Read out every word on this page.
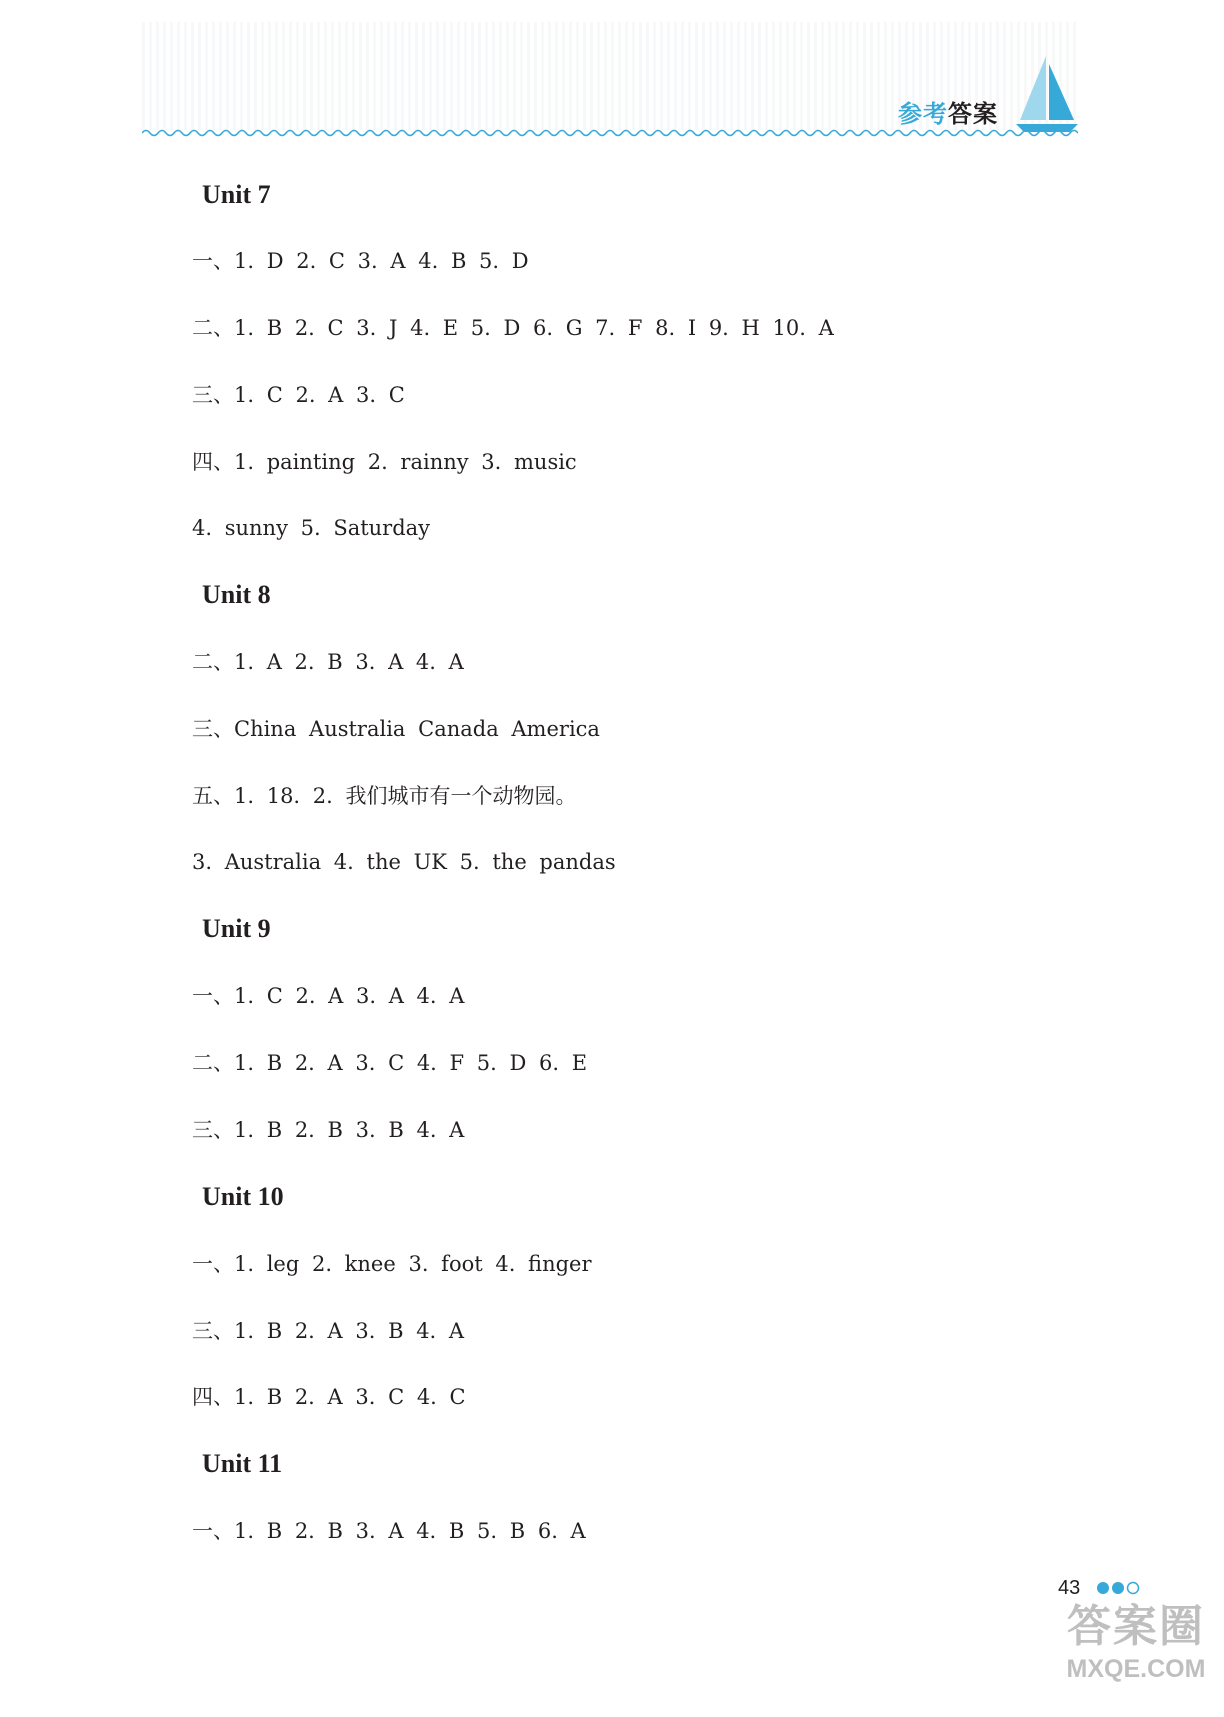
参考答案
Unit 7
一、1. D 2. C 3. A 4. B 5. D
二、1. B 2. C 3. J 4. E 5. D 6. G 7. F 8. I 9. H 10. A
三、1. C 2. A 3. C
四、1. painting 2. rainny 3. music
4. sunny 5. Saturday
Unit 8
二、1. A 2. B 3. A 4. A
三、China Australia Canada America
五、1. 18. 2. 我们城市有一个动物园。
3. Australia 4. the UK 5. the pandas
Unit 9
一、1. C 2. A 3. A 4. A
二、1. B 2. A 3. C 4. F 5. D 6. E
三、1. B 2. B 3. B 4. A
Unit 10
一、1. leg 2. knee 3. foot 4. finger
三、1. B 2. A 3. B 4. A
四、1. B 2. A 3. C 4. C
Unit 11
一、1. B 2. B 3. A 4. B 5. B 6. A
43
答案圈
MXQE.COM
